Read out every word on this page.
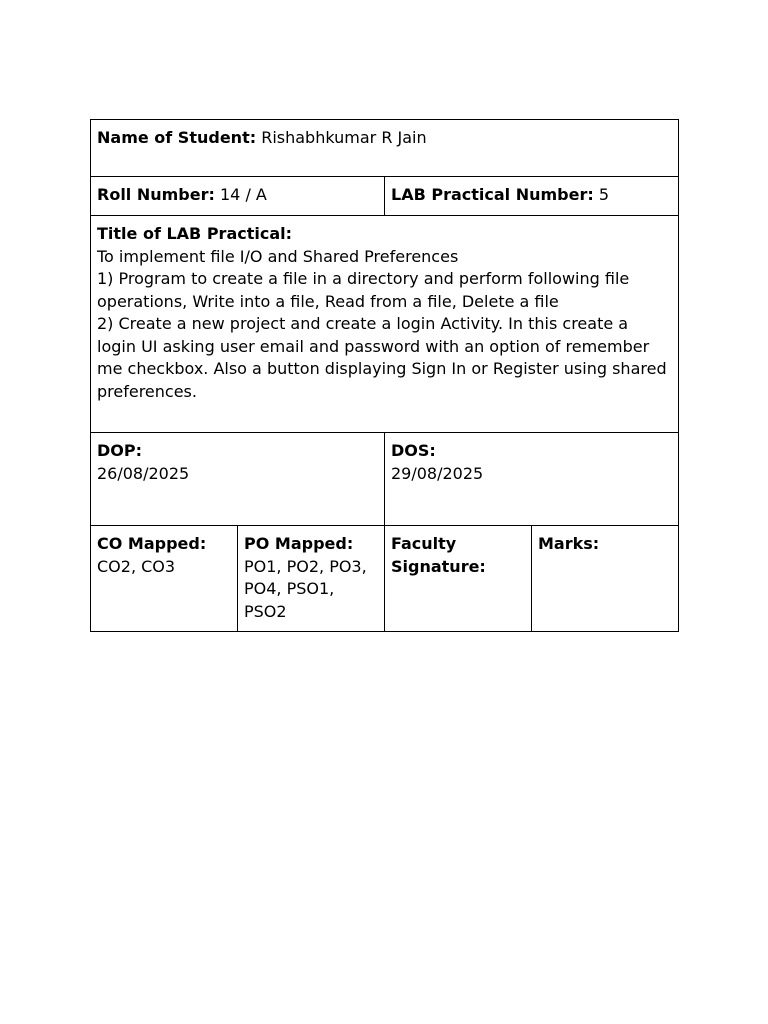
Name of Student: Rishabhkumar R Jain
Roll Number: 14 / A	LAB Practical Number: 5
Title of LAB Practical:
To implement file I/O and Shared Preferences
1) Program to create a file in a directory and perform following file operations, Write into a file, Read from a file, Delete a file
2) Create a new project and create a login Activity. In this create a login UI asking user email and password with an option of remember me checkbox. Also a button displaying Sign In or Register using shared preferences.
DOP:
26/08/2025
DOS:
29/08/2025
CO Mapped:
CO2, CO3
PO Mapped:
PO1, PO2, PO3, PO4, PSO1, PSO2
Faculty Signature:
Marks:
